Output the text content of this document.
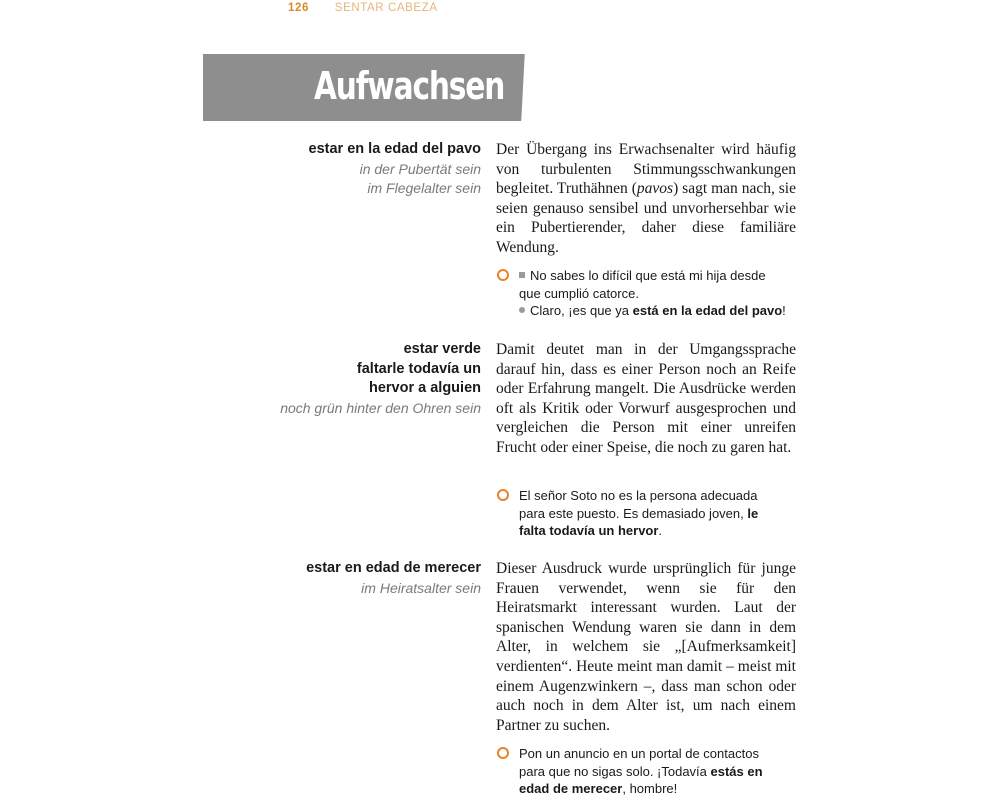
126 SENTAR CABEZA
Aufwachsen
estar en la edad del pavo
in der Pubertät sein
im Flegelalter sein
Der Übergang ins Erwachsenalter wird häufig von turbulenten Stimmungsschwankungen begleitet. Truthähnen (pavos) sagt man nach, sie seien genauso sensibel und unvorhersehbar wie ein Pubertierender, daher diese familiäre Wendung.
No sabes lo difícil que está mi hija desde
que cumplió catorce.
Claro, ¡es que ya está en la edad del pavo!
estar verde
faltarle todavía un
hervor a alguien
noch grün hinter den Ohren sein
Damit deutet man in der Umgangssprache darauf hin, dass es einer Person noch an Reife oder Erfahrung mangelt. Die Ausdrücke werden oft als Kritik oder Vorwurf ausgesprochen und vergleichen die Person mit einer unreifen Frucht oder einer Speise, die noch zu garen hat.
El señor Soto no es la persona adecuada
para este puesto. Es demasiado joven, le
falta todavía un hervor.
estar en edad de merecer
im Heiratsalter sein
Dieser Ausdruck wurde ursprünglich für junge Frauen verwendet, wenn sie für den Heiratsmarkt interessant wurden. Laut der spanischen Wendung waren sie dann in dem Alter, in welchem sie „[Aufmerksamkeit] verdienten“. Heute meint man damit – meist mit einem Augenzwinkern –, dass man schon oder auch noch in dem Alter ist, um nach einem Partner zu suchen.
Pon un anuncio en un portal de contactos
para que no sigas solo. ¡Todavía estás en
edad de merecer, hombre!
